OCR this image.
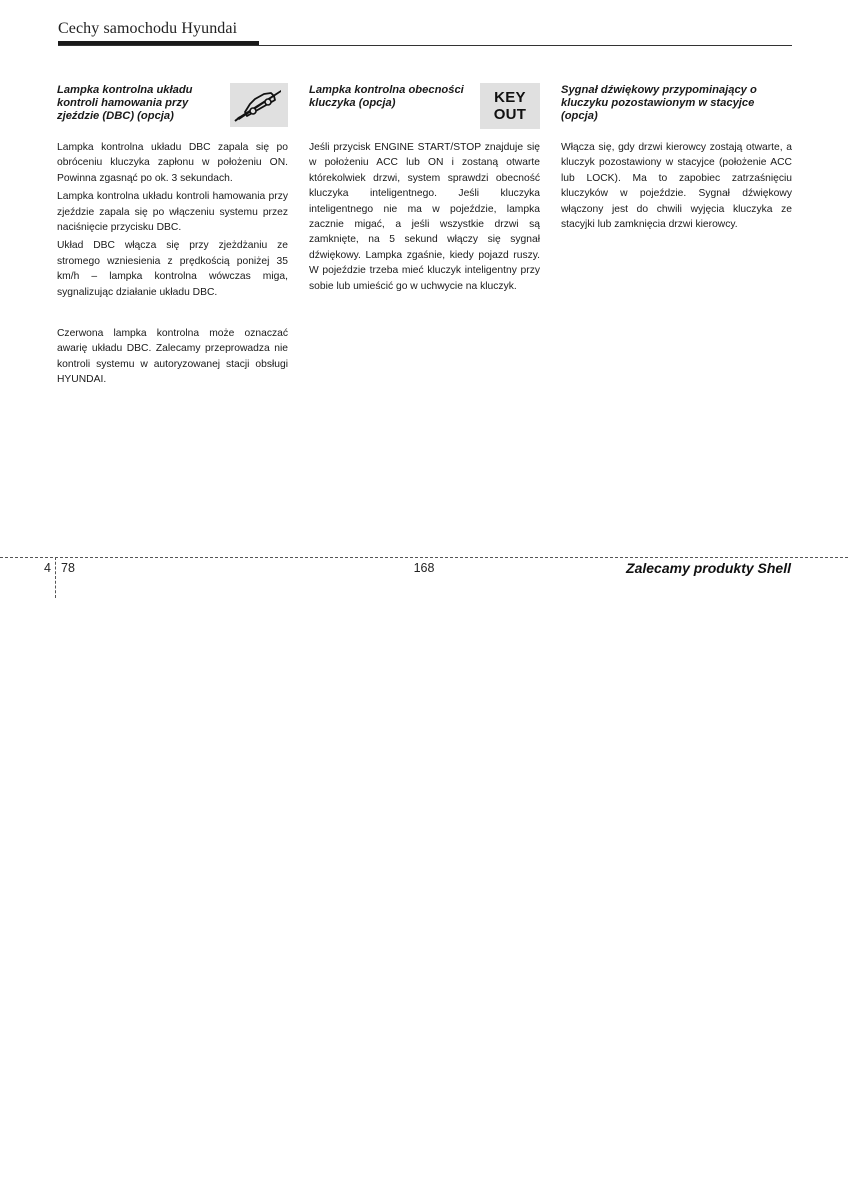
Cechy samochodu Hyundai
Lampka kontrolna układu kontroli hamowania przy zjeździe (DBC) (opcja)

Lampka kontrolna układu DBC zapala się po obróceniu kluczyka zapłonu w położeniu ON. Powinna zgasnąć po ok. 3 sekundach.

Lampka kontrolna układu kontroli hamowania przy zjeździe zapala się po włączeniu systemu przez naciśnięcie przycisku DBC.

Układ DBC włącza się przy zjeżdżaniu ze stromego wzniesienia z prędkością poniżej 35 km/h – lampka kontrolna wówczas miga, sygnalizując działanie układu DBC.

Czerwona lampka kontrolna może oznaczać awarię układu DBC. Zalecamy przeprowadza nie kontroli systemu w autoryzowanej stacji obsługi HYUNDAI.

Lampka kontrolna obecności kluczyka (opcja)	KEY
OUT

Jeśli przycisk ENGINE START/STOP znajduje się w położeniu ACC lub ON i zostaną otwarte którekolwiek drzwi, system sprawdzi obecność kluczyka inteligentnego. Jeśli kluczyka inteligentnego nie ma w pojeździe, lampka zacznie migać, a jeśli wszystkie drzwi są zamknięte, na 5 sekund włączy się sygnał dźwiękowy. Lampka zgaśnie, kiedy pojazd ruszy. W pojeździe trzeba mieć kluczyk inteligentny przy sobie lub umieścić go w uchwycie na kluczyk.

Sygnał dźwiękowy przypominający o kluczyku pozostawionym w stacyjce (opcja)

Włącza się, gdy drzwi kierowcy zostają otwarte, a kluczyk pozostawiony w stacyjce (położenie ACC lub LOCK). Ma to zapobiec zatrzaśnięciu kluczyków w pojeździe. Sygnał dźwiękowy włączony jest do chwili wyjęcia kluczyka ze stacyjki lub zamknięcia drzwi kierowcy.

4 78	168	Zalecamy produkty Shell
